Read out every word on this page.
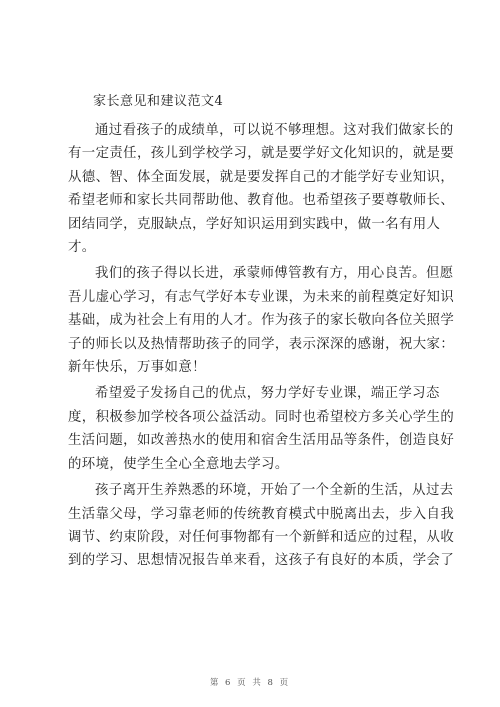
家长意见和建议范文4

通过看孩子的成绩单，可以说不够理想。这对我们做家长的
有一定责任，孩儿到学校学习，就是要学好文化知识的，就是要
从德、智、体全面发展，就是要发挥自己的才能学好专业知识，
希望老师和家长共同帮助他、教育他。也希望孩子要尊敬师长、
团结同学，克服缺点，学好知识运用到实践中，做一名有用人
才。

我们的孩子得以长进，承蒙师傅管教有方，用心良苦。但愿
吾儿虚心学习，有志气学好本专业课，为未来的前程奠定好知识
基础，成为社会上有用的人才。作为孩子的家长敬向各位关照学
子的师长以及热情帮助孩子的同学，表示深深的感谢，祝大家：
新年快乐，万事如意！

希望爱子发扬自己的优点，努力学好专业课，端正学习态
度，积极参加学校各项公益活动。同时也希望校方多关心学生的
生活问题，如改善热水的使用和宿舍生活用品等条件，创造良好
的环境，使学生全心全意地去学习。

孩子离开生养熟悉的环境，开始了一个全新的生活，从过去
生活靠父母，学习靠老师的传统教育模式中脱离出去，步入自我
调节、约束阶段，对任何事物都有一个新鲜和适应的过程，从收
到的学习、思想情况报告单来看，这孩子有良好的本质，学会了

第 6 页 共 8 页
